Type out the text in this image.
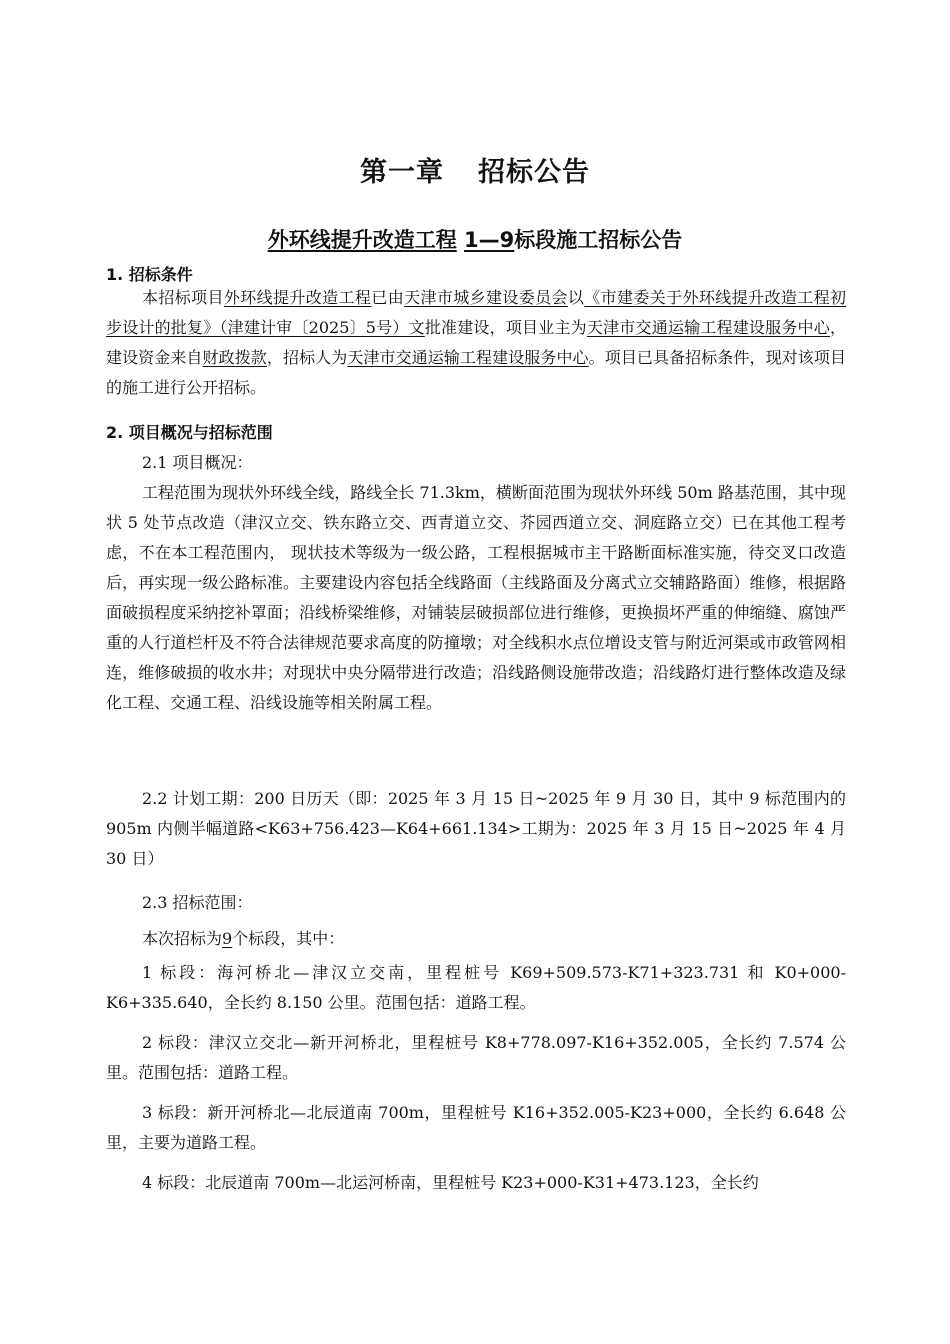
第一章 招标公告
外环线提升改造工程 1—9标段施工招标公告
1. 招标条件

本招标项目外环线提升改造工程已由天津市城乡建设委员会以《市建委关于外环线提升改造工程初步设计的批复》（津建计审〔2025〕5号）文批准建设，项目业主为天津市交通运输工程建设服务中心，建设资金来自财政拨款，招标人为天津市交通运输工程建设服务中心。项目已具备招标条件，现对该项目的施工进行公开招标。

2. 项目概况与招标范围

2.1 项目概况：

工程范围为现状外环线全线，路线全长 71.3km，横断面范围为现状外环线 50m 路基范围，其中现状 5 处节点改造（津汉立交、铁东路立交、西青道立交、芥园西道立交、洞庭路立交）已在其他工程考虑，不在本工程范围内， 现状技术等级为一级公路，工程根据城市主干路断面标准实施，待交叉口改造后，再实现一级公路标准。主要建设内容包括全线路面（主线路面及分离式立交辅路路面）维修，根据路面破损程度采纳挖补罩面；沿线桥梁维修，对铺装层破损部位进行维修，更换损坏严重的伸缩缝、腐蚀严重的人行道栏杆及不符合法律规范要求高度的防撞墩；对全线积水点位增设支管与附近河渠或市政管网相连，维修破损的收水井；对现状中央分隔带进行改造；沿线路侧设施带改造；沿线路灯进行整体改造及绿化工程、交通工程、沿线设施等相关附属工程。

2.2 计划工期：200 日历天（即：2025 年 3 月 15 日~2025 年 9 月 30 日，其中 9 标范围内的 905m 内侧半幅道路<K63+756.423—K64+661.134>工期为：2025 年 3 月 15 日~2025 年 4 月 30 日）

2.3 招标范围：

本次招标为9个标段，其中：

1 标段：海河桥北—津汉立交南，里程桩号 K69+509.573-K71+323.731 和 K0+000-K6+335.640，全长约 8.150 公里。范围包括：道路工程。

2 标段：津汉立交北—新开河桥北，里程桩号 K8+778.097-K16+352.005，全长约 7.574 公里。范围包括：道路工程。

3 标段：新开河桥北—北辰道南 700m，里程桩号 K16+352.005-K23+000，全长约 6.648 公里，主要为道路工程。

4 标段：北辰道南 700m—北运河桥南，里程桩号 K23+000-K31+473.123，全长约
